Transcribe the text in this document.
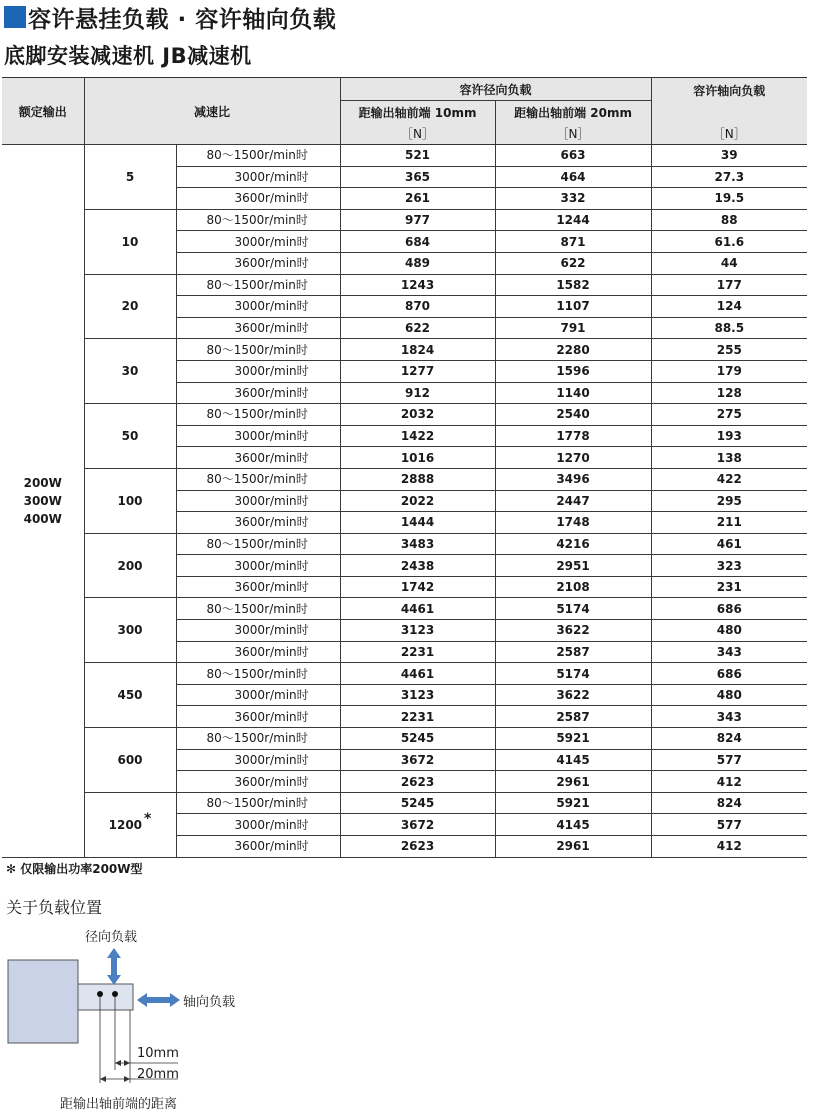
容许悬挂负载 · 容许轴向负载
底脚安装减速机 JB减速机
额定输出	减速比		容许径向负载		容许轴向负载
			距输出轴前端 10mm	距输出轴前端 20mm	
			［N］	［N］	［N］

200W
300W
400W	5	80～1500r/min时	521	663	39
		3000r/min时	365	464	27.3
		3600r/min时	261	332	19.5
	10	80～1500r/min时	977	1244	88
		3000r/min时	684	871	61.6
		3600r/min时	489	622	44
	20	80～1500r/min时	1243	1582	177
		3000r/min时	870	1107	124
		3600r/min时	622	791	88.5
	30	80～1500r/min时	1824	2280	255
		3000r/min时	1277	1596	179
		3600r/min时	912	1140	128
	50	80～1500r/min时	2032	2540	275
		3000r/min时	1422	1778	193
		3600r/min时	1016	1270	138
	100	80～1500r/min时	2888	3496	422
		3000r/min时	2022	2447	295
		3600r/min时	1444	1748	211
	200	80～1500r/min时	3483	4216	461
		3000r/min时	2438	2951	323
		3600r/min时	1742	2108	231
	300	80～1500r/min时	4461	5174	686
		3000r/min时	3123	3622	480
		3600r/min时	2231	2587	343
	450	80～1500r/min时	4461	5174	686
		3000r/min时	3123	3622	480
		3600r/min时	2231	2587	343
	600	80～1500r/min时	5245	5921	824
		3000r/min时	3672	4145	577
		3600r/min时	2623	2961	412
	1200 *	80～1500r/min时	5245	5921	824
		3000r/min时	3672	4145	577
		3600r/min时	2623	2961	412
✻ 仅限输出功率200W型
关于负载位置
径向负载
轴向负载
10mm
20mm
距输出轴前端的距离
